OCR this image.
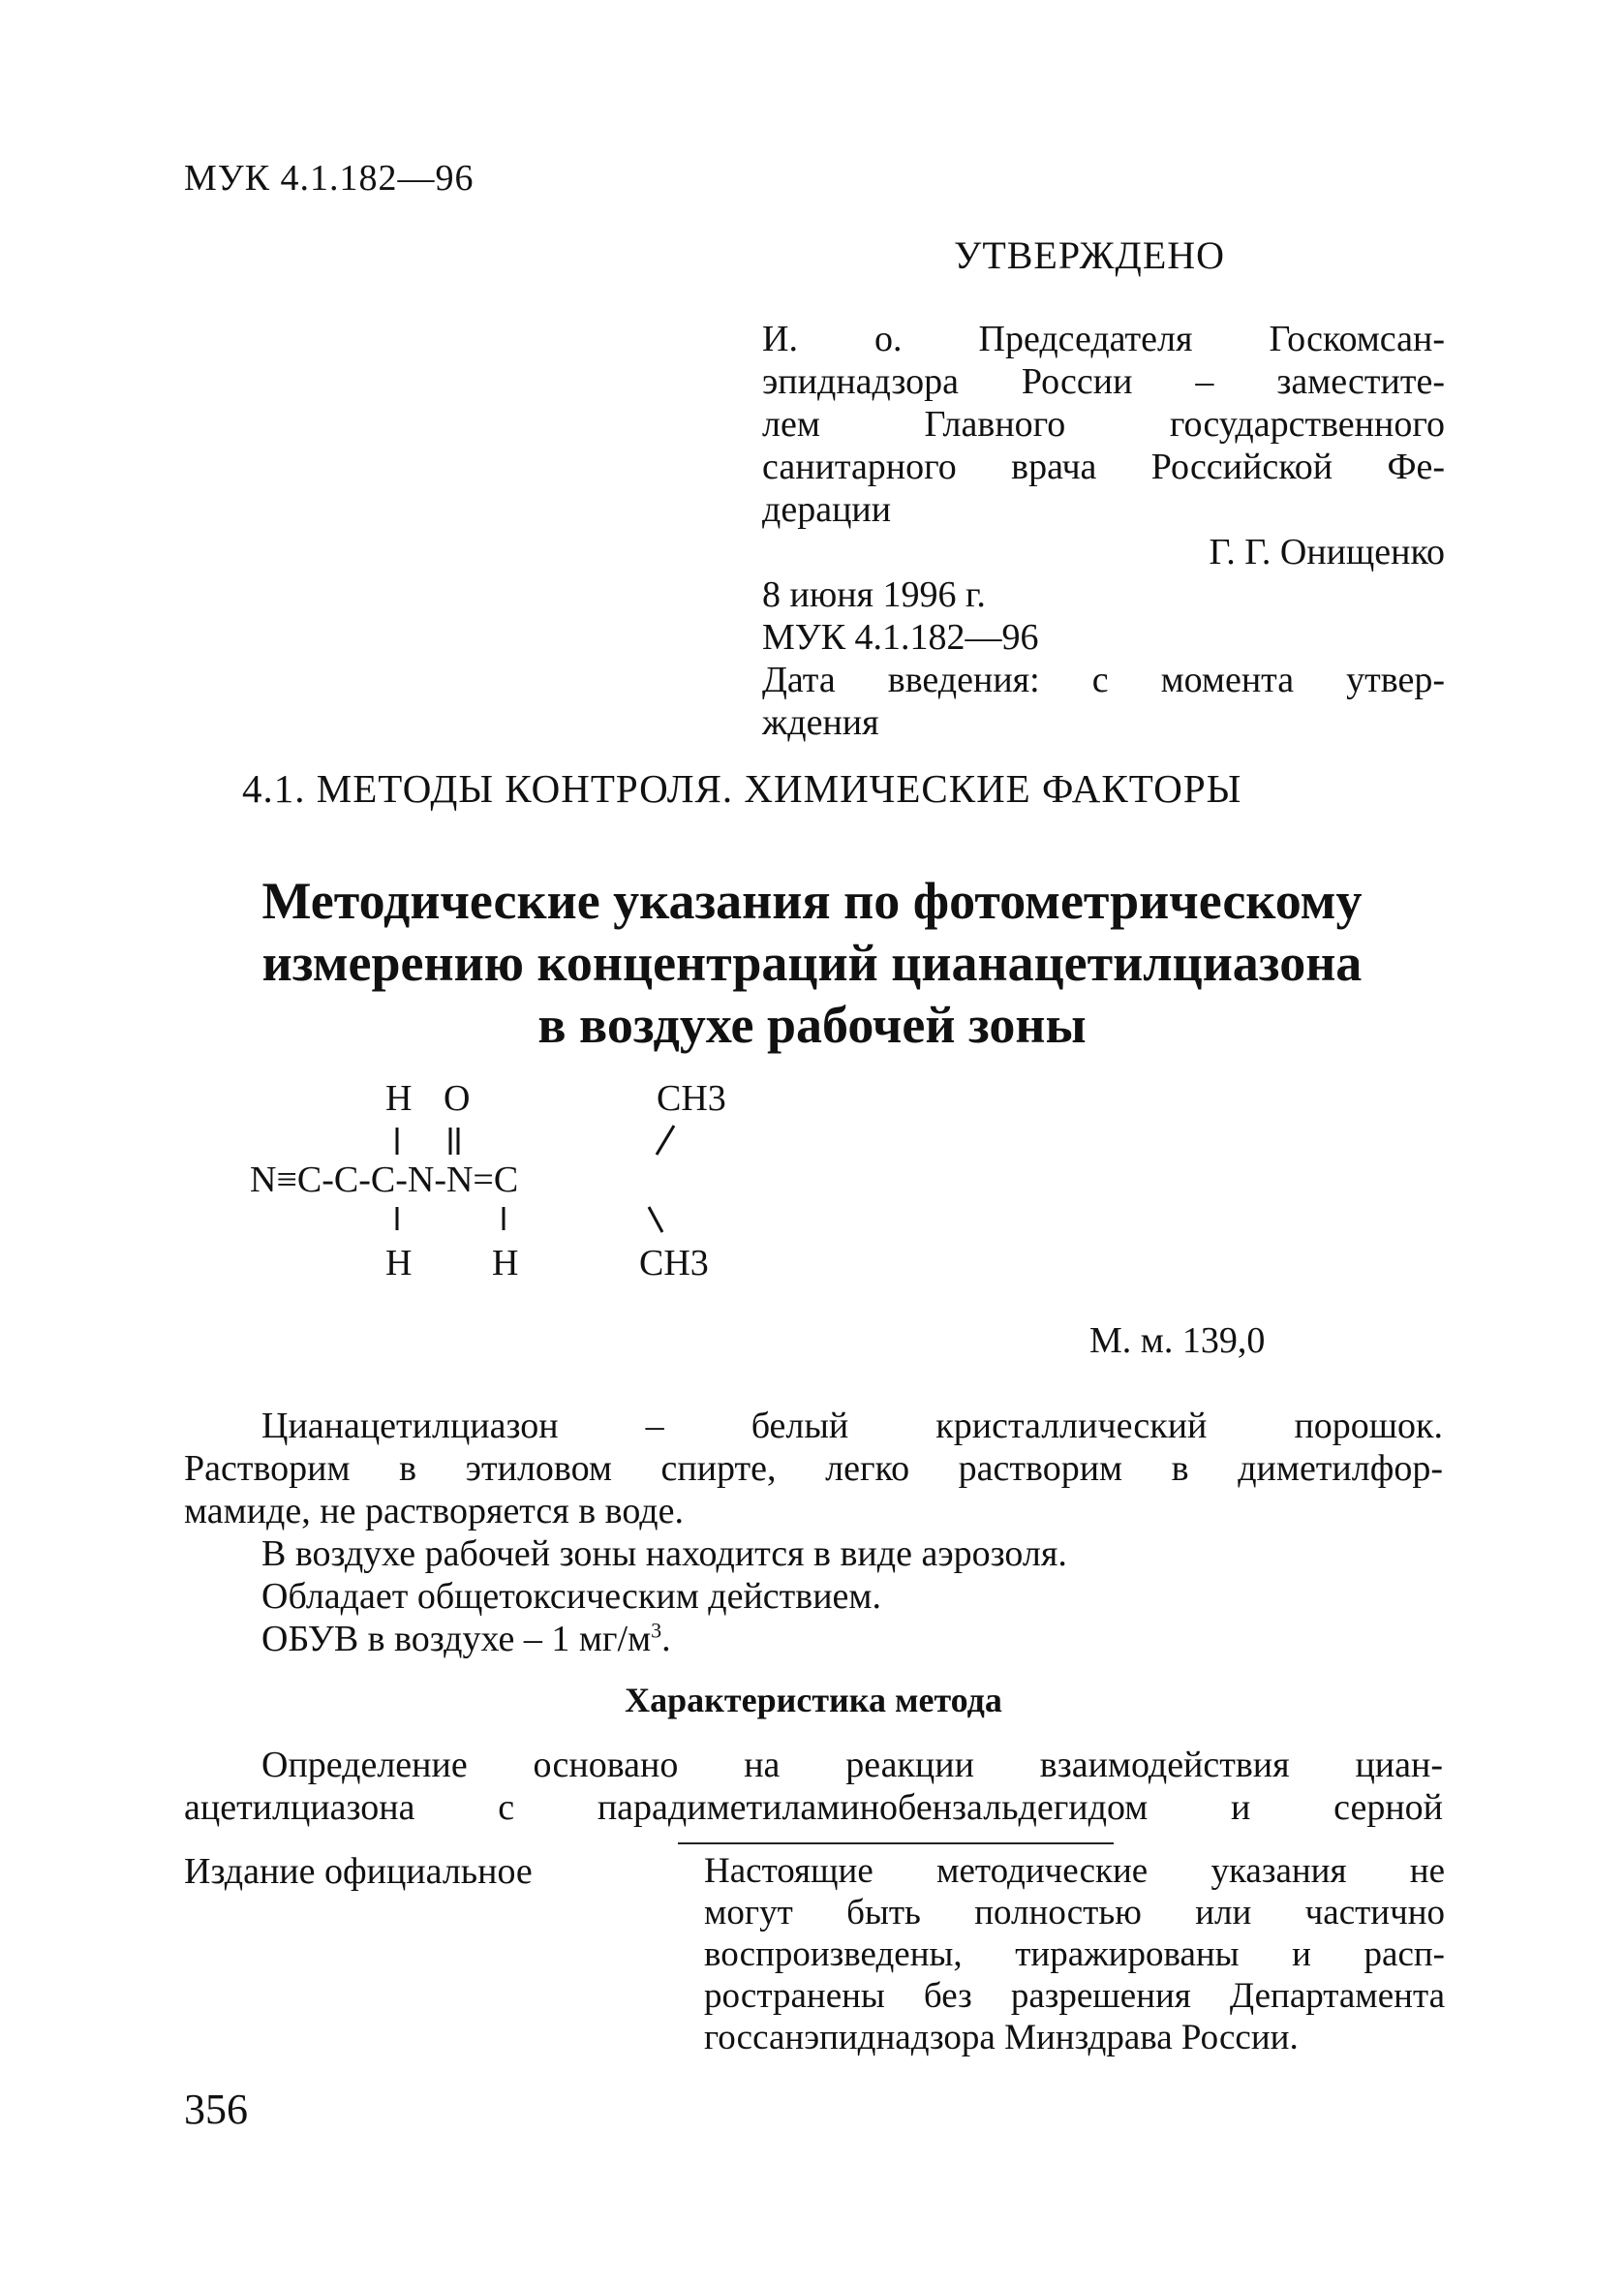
МУК 4.1.182—96
УТВЕРЖДЕНО

И. о. Председателя Госкомсан-

эпиднадзора России – заместите-

лем Главного государственного

санитарного врача Российской Фе-

дерации

Г. Г. Онищенко

8 июня 1996 г.

МУК 4.1.182—96

Дата введения: с момента утвер-

ждения

4.1. МЕТОДЫ КОНТРОЛЯ. ХИМИЧЕСКИЕ ФАКТОРЫ
Методические указания по фотометрическому
измерению концентраций цианацетилциазона
в воздухе рабочей зоны
H O	CH3
N≡C-C-C-N-N=C
H H	CH3
М. м. 139,0

Цианацетилциазон – белый кристаллический порошок.

Растворим в этиловом спирте, легко растворим в диметилфор-

мамиде, не растворяется в воде.

В воздухе рабочей зоны находится в виде аэрозоля.

Обладает общетоксическим действием.

ОБУВ в воздухе – 1 $мг/м^3$.

Характеристика метода

Определение основано на реакции взаимодействия циан-

ацетилциазона с парадиметиламинобензальдегидом и серной

Издание официальное	Настоящие методические указания не
могут быть полностью или частично
воспроизведены, тиражированы и расп-
ространены без разрешения Департамента
госсанэпиднадзора Минздрава России.
356
